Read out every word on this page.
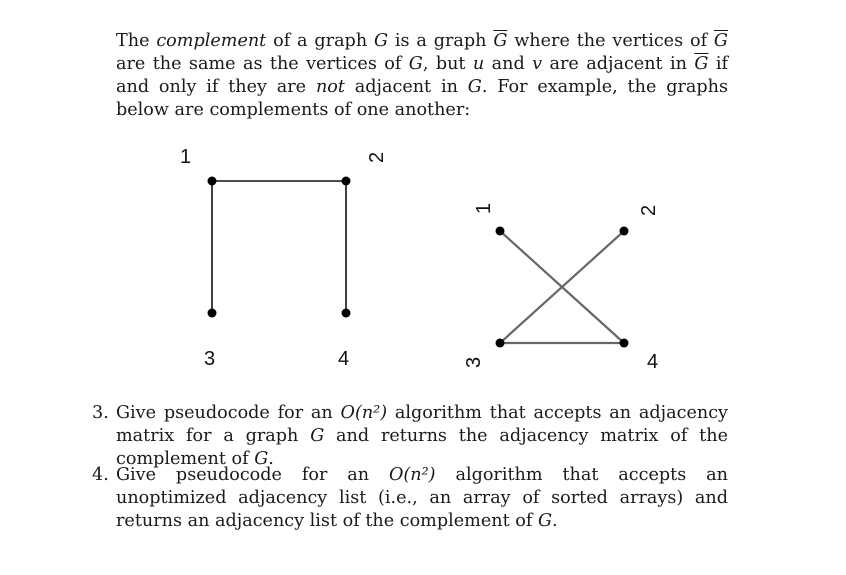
The complement of a graph G is a graph $\overline{G}$ where the vertices of $\overline{G}$ are the same as the vertices of G, but u and v are adjacent in $\overline{G}$ if and only if they are not adjacent in G. For example, the graphs below are complements of one another:
1	2
3	4
1	2
3	4
3. Give pseudocode for an O(n²) algorithm that accepts an adjacency matrix for a graph G and returns the adjacency matrix of the complement of G.
4. Give pseudocode for an O(n²) algorithm that accepts an unoptimized adjacency list (i.e., an array of sorted arrays) and returns an adjacency list of the complement of G.
